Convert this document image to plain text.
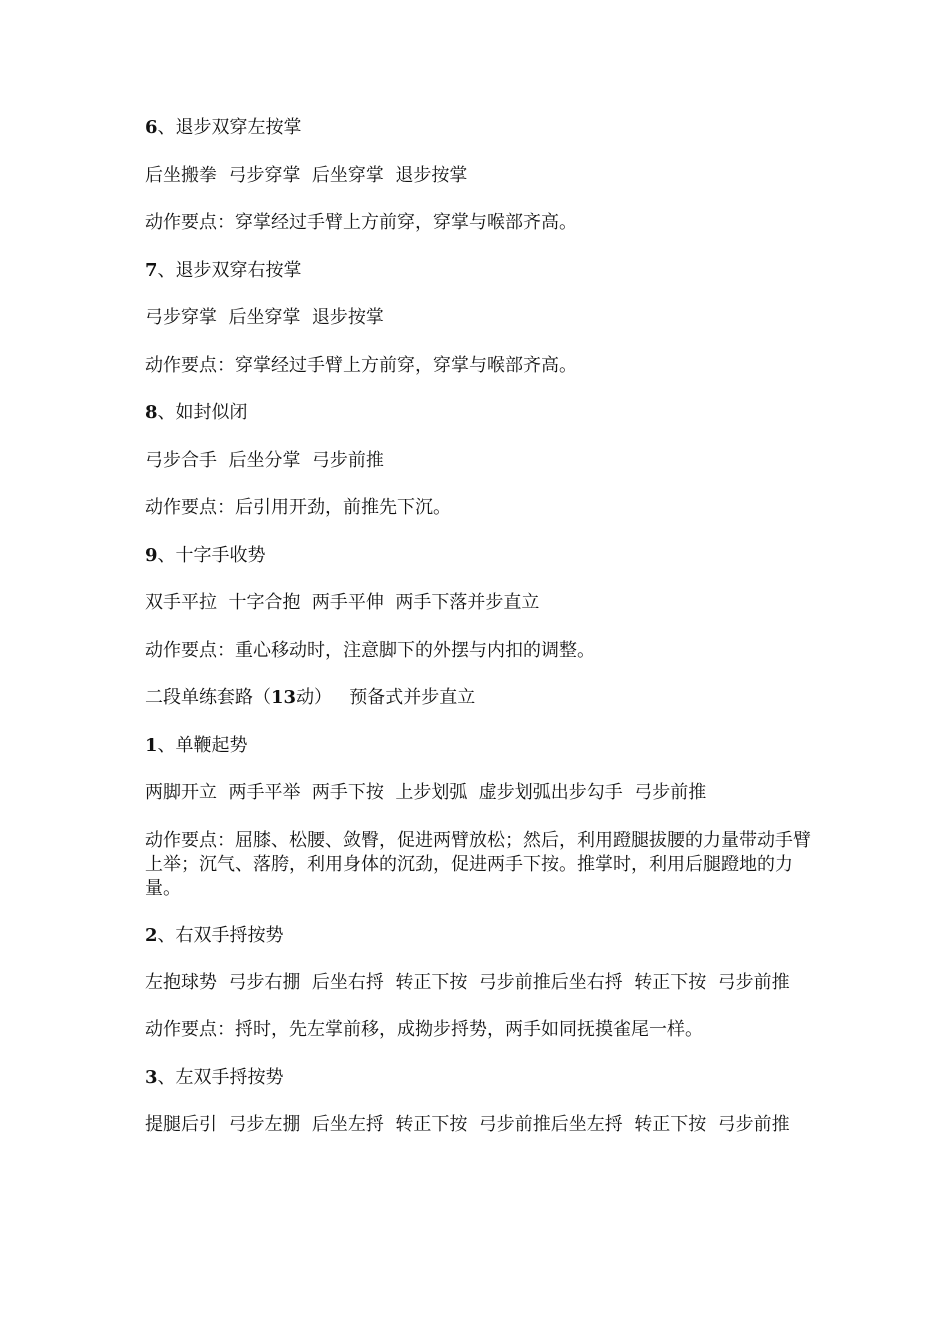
6、退步双穿左按掌

后坐搬拳  弓步穿掌  后坐穿掌  退步按掌

动作要点：穿掌经过手臂上方前穿，穿掌与喉部齐高。

7、退步双穿右按掌

弓步穿掌  后坐穿掌  退步按掌

动作要点：穿掌经过手臂上方前穿，穿掌与喉部齐高。

8、如封似闭

弓步合手  后坐分掌  弓步前推

动作要点：后引用开劲，前推先下沉。

9、十字手收势

双手平拉  十字合抱  两手平伸  两手下落并步直立

动作要点：重心移动时，注意脚下的外摆与内扣的调整。

二段单练套路（13动）   预备式并步直立

1、单鞭起势

两脚开立  两手平举  两手下按  上步划弧  虚步划弧出步勾手  弓步前推

动作要点：屈膝、松腰、敛臀，促进两臂放松；然后，利用蹬腿拔腰的力量带动手臂上举；沉气、落胯，利用身体的沉劲，促进两手下按。推掌时，利用后腿蹬地的力量。

2、右双手捋按势

左抱球势  弓步右掤  后坐右捋  转正下按  弓步前推后坐右捋  转正下按  弓步前推

动作要点：捋时，先左掌前移，成拗步捋势，两手如同抚摸雀尾一样。

3、左双手捋按势

提腿后引  弓步左掤  后坐左捋  转正下按  弓步前推后坐左捋  转正下按  弓步前推
